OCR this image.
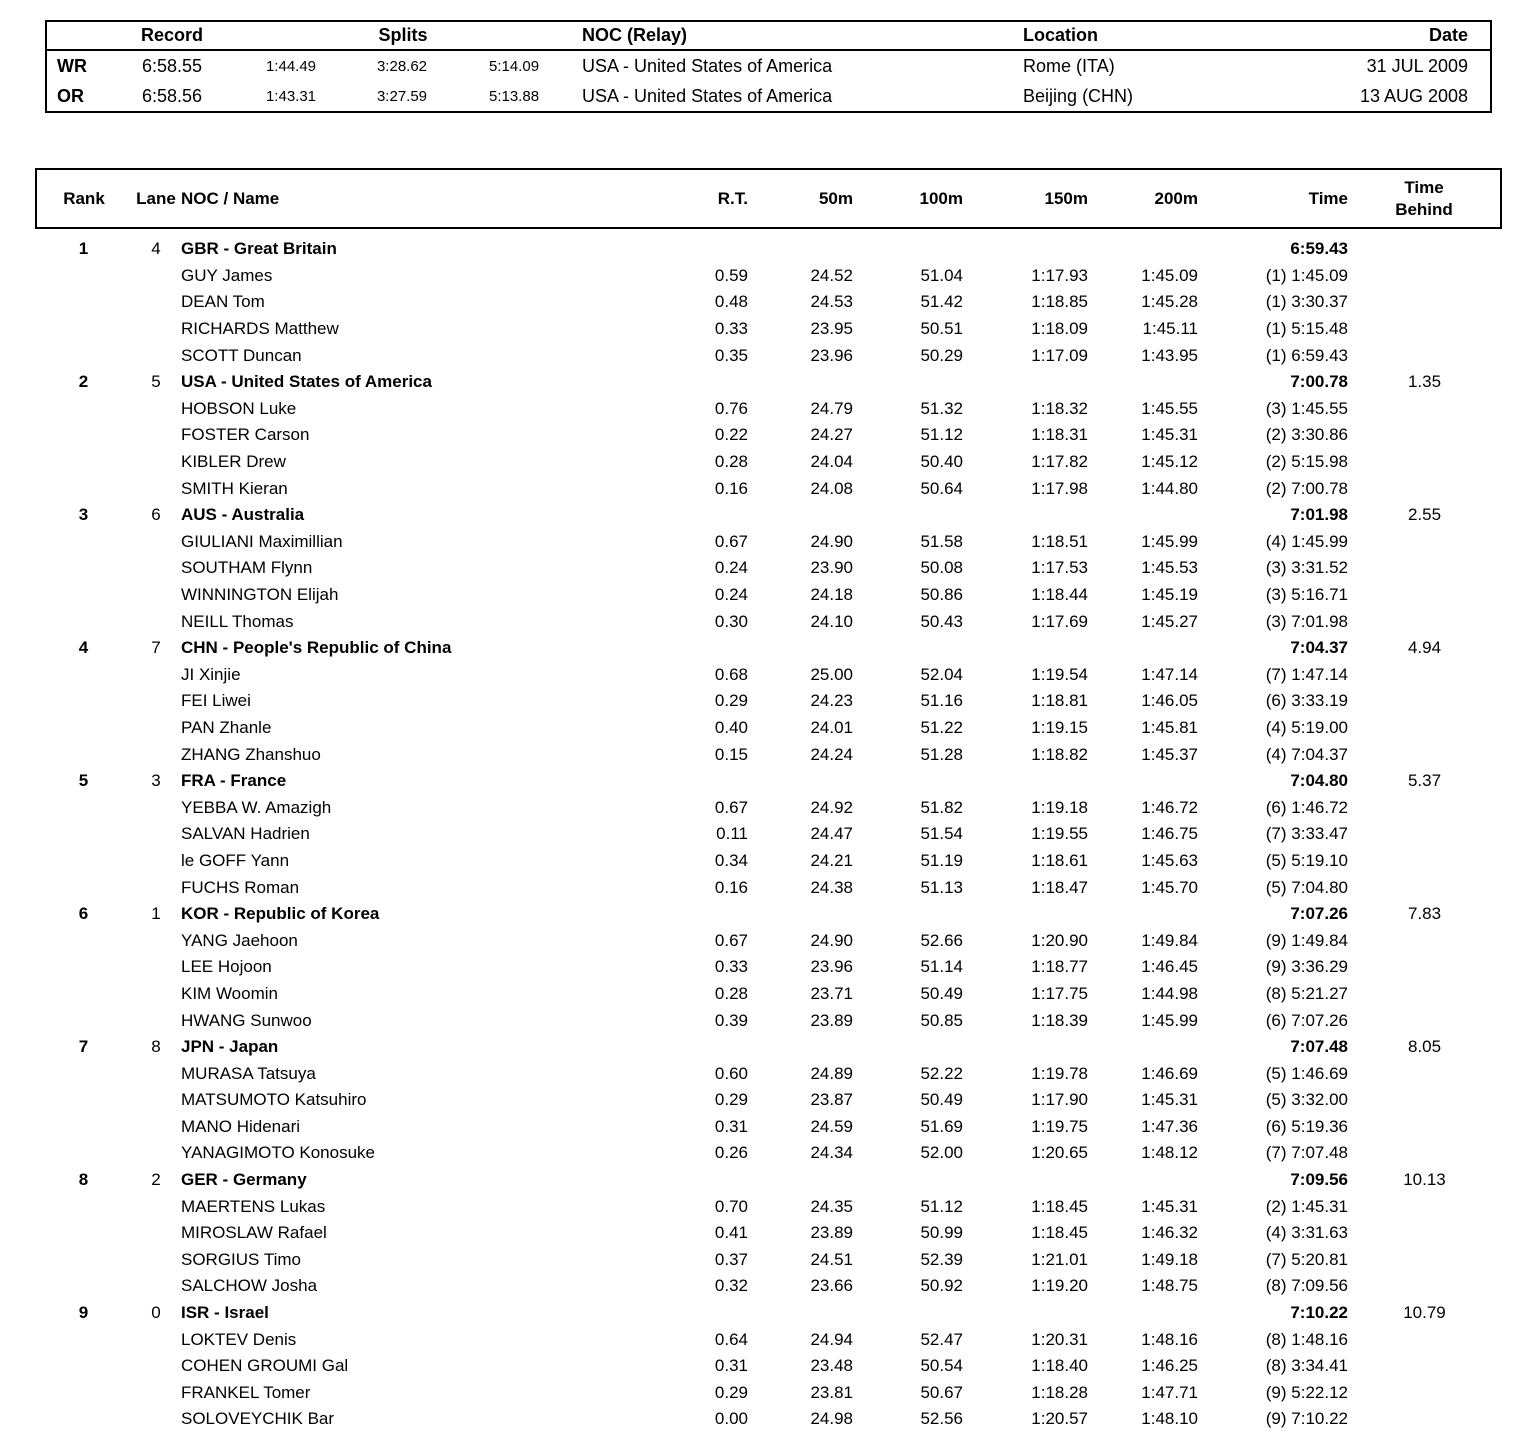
	Record	Splits			NOC (Relay)	Location	Date
WR	6:58.55	1:44.49	3:28.62	5:14.09	USA - United States of America	Rome (ITA)	31 JUL 2009
OR	6:58.56	1:43.31	3:27.59	5:13.88	USA - United States of America	Beijing (CHN)	13 AUG 2008
Rank	Lane	NOC / Name	R.T.	50m	100m	150m	200m	Time	Time Behind

1	4	GBR - Great Britain						6:59.43	
		GUY James	0.59	24.52	51.04	1:17.93	1:45.09	(1) 1:45.09	
		DEAN Tom	0.48	24.53	51.42	1:18.85	1:45.28	(1) 3:30.37	
		RICHARDS Matthew	0.33	23.95	50.51	1:18.09	1:45.11	(1) 5:15.48	
		SCOTT Duncan	0.35	23.96	50.29	1:17.09	1:43.95	(1) 6:59.43	
2	5	USA - United States of America						7:00.78	1.35
		HOBSON Luke	0.76	24.79	51.32	1:18.32	1:45.55	(3) 1:45.55	
		FOSTER Carson	0.22	24.27	51.12	1:18.31	1:45.31	(2) 3:30.86	
		KIBLER Drew	0.28	24.04	50.40	1:17.82	1:45.12	(2) 5:15.98	
		SMITH Kieran	0.16	24.08	50.64	1:17.98	1:44.80	(2) 7:00.78	
3	6	AUS - Australia						7:01.98	2.55
		GIULIANI Maximillian	0.67	24.90	51.58	1:18.51	1:45.99	(4) 1:45.99	
		SOUTHAM Flynn	0.24	23.90	50.08	1:17.53	1:45.53	(3) 3:31.52	
		WINNINGTON Elijah	0.24	24.18	50.86	1:18.44	1:45.19	(3) 5:16.71	
		NEILL Thomas	0.30	24.10	50.43	1:17.69	1:45.27	(3) 7:01.98	
4	7	CHN - People's Republic of China						7:04.37	4.94
		JI Xinjie	0.68	25.00	52.04	1:19.54	1:47.14	(7) 1:47.14	
		FEI Liwei	0.29	24.23	51.16	1:18.81	1:46.05	(6) 3:33.19	
		PAN Zhanle	0.40	24.01	51.22	1:19.15	1:45.81	(4) 5:19.00	
		ZHANG Zhanshuo	0.15	24.24	51.28	1:18.82	1:45.37	(4) 7:04.37	
5	3	FRA - France						7:04.80	5.37
		YEBBA W. Amazigh	0.67	24.92	51.82	1:19.18	1:46.72	(6) 1:46.72	
		SALVAN Hadrien	0.11	24.47	51.54	1:19.55	1:46.75	(7) 3:33.47	
		le GOFF Yann	0.34	24.21	51.19	1:18.61	1:45.63	(5) 5:19.10	
		FUCHS Roman	0.16	24.38	51.13	1:18.47	1:45.70	(5) 7:04.80	
6	1	KOR - Republic of Korea						7:07.26	7.83
		YANG Jaehoon	0.67	24.90	52.66	1:20.90	1:49.84	(9) 1:49.84	
		LEE Hojoon	0.33	23.96	51.14	1:18.77	1:46.45	(9) 3:36.29	
		KIM Woomin	0.28	23.71	50.49	1:17.75	1:44.98	(8) 5:21.27	
		HWANG Sunwoo	0.39	23.89	50.85	1:18.39	1:45.99	(6) 7:07.26	
7	8	JPN - Japan						7:07.48	8.05
		MURASA Tatsuya	0.60	24.89	52.22	1:19.78	1:46.69	(5) 1:46.69	
		MATSUMOTO Katsuhiro	0.29	23.87	50.49	1:17.90	1:45.31	(5) 3:32.00	
		MANO Hidenari	0.31	24.59	51.69	1:19.75	1:47.36	(6) 5:19.36	
		YANAGIMOTO Konosuke	0.26	24.34	52.00	1:20.65	1:48.12	(7) 7:07.48	
8	2	GER - Germany						7:09.56	10.13
		MAERTENS Lukas	0.70	24.35	51.12	1:18.45	1:45.31	(2) 1:45.31	
		MIROSLAW Rafael	0.41	23.89	50.99	1:18.45	1:46.32	(4) 3:31.63	
		SORGIUS Timo	0.37	24.51	52.39	1:21.01	1:49.18	(7) 5:20.81	
		SALCHOW Josha	0.32	23.66	50.92	1:19.20	1:48.75	(8) 7:09.56	
9	0	ISR - Israel						7:10.22	10.79
		LOKTEV Denis	0.64	24.94	52.47	1:20.31	1:48.16	(8) 1:48.16	
		COHEN GROUMI Gal	0.31	23.48	50.54	1:18.40	1:46.25	(8) 3:34.41	
		FRANKEL Tomer	0.29	23.81	50.67	1:18.28	1:47.71	(9) 5:22.12	
		SOLOVEYCHIK Bar	0.00	24.98	52.56	1:20.57	1:48.10	(9) 7:10.22	
